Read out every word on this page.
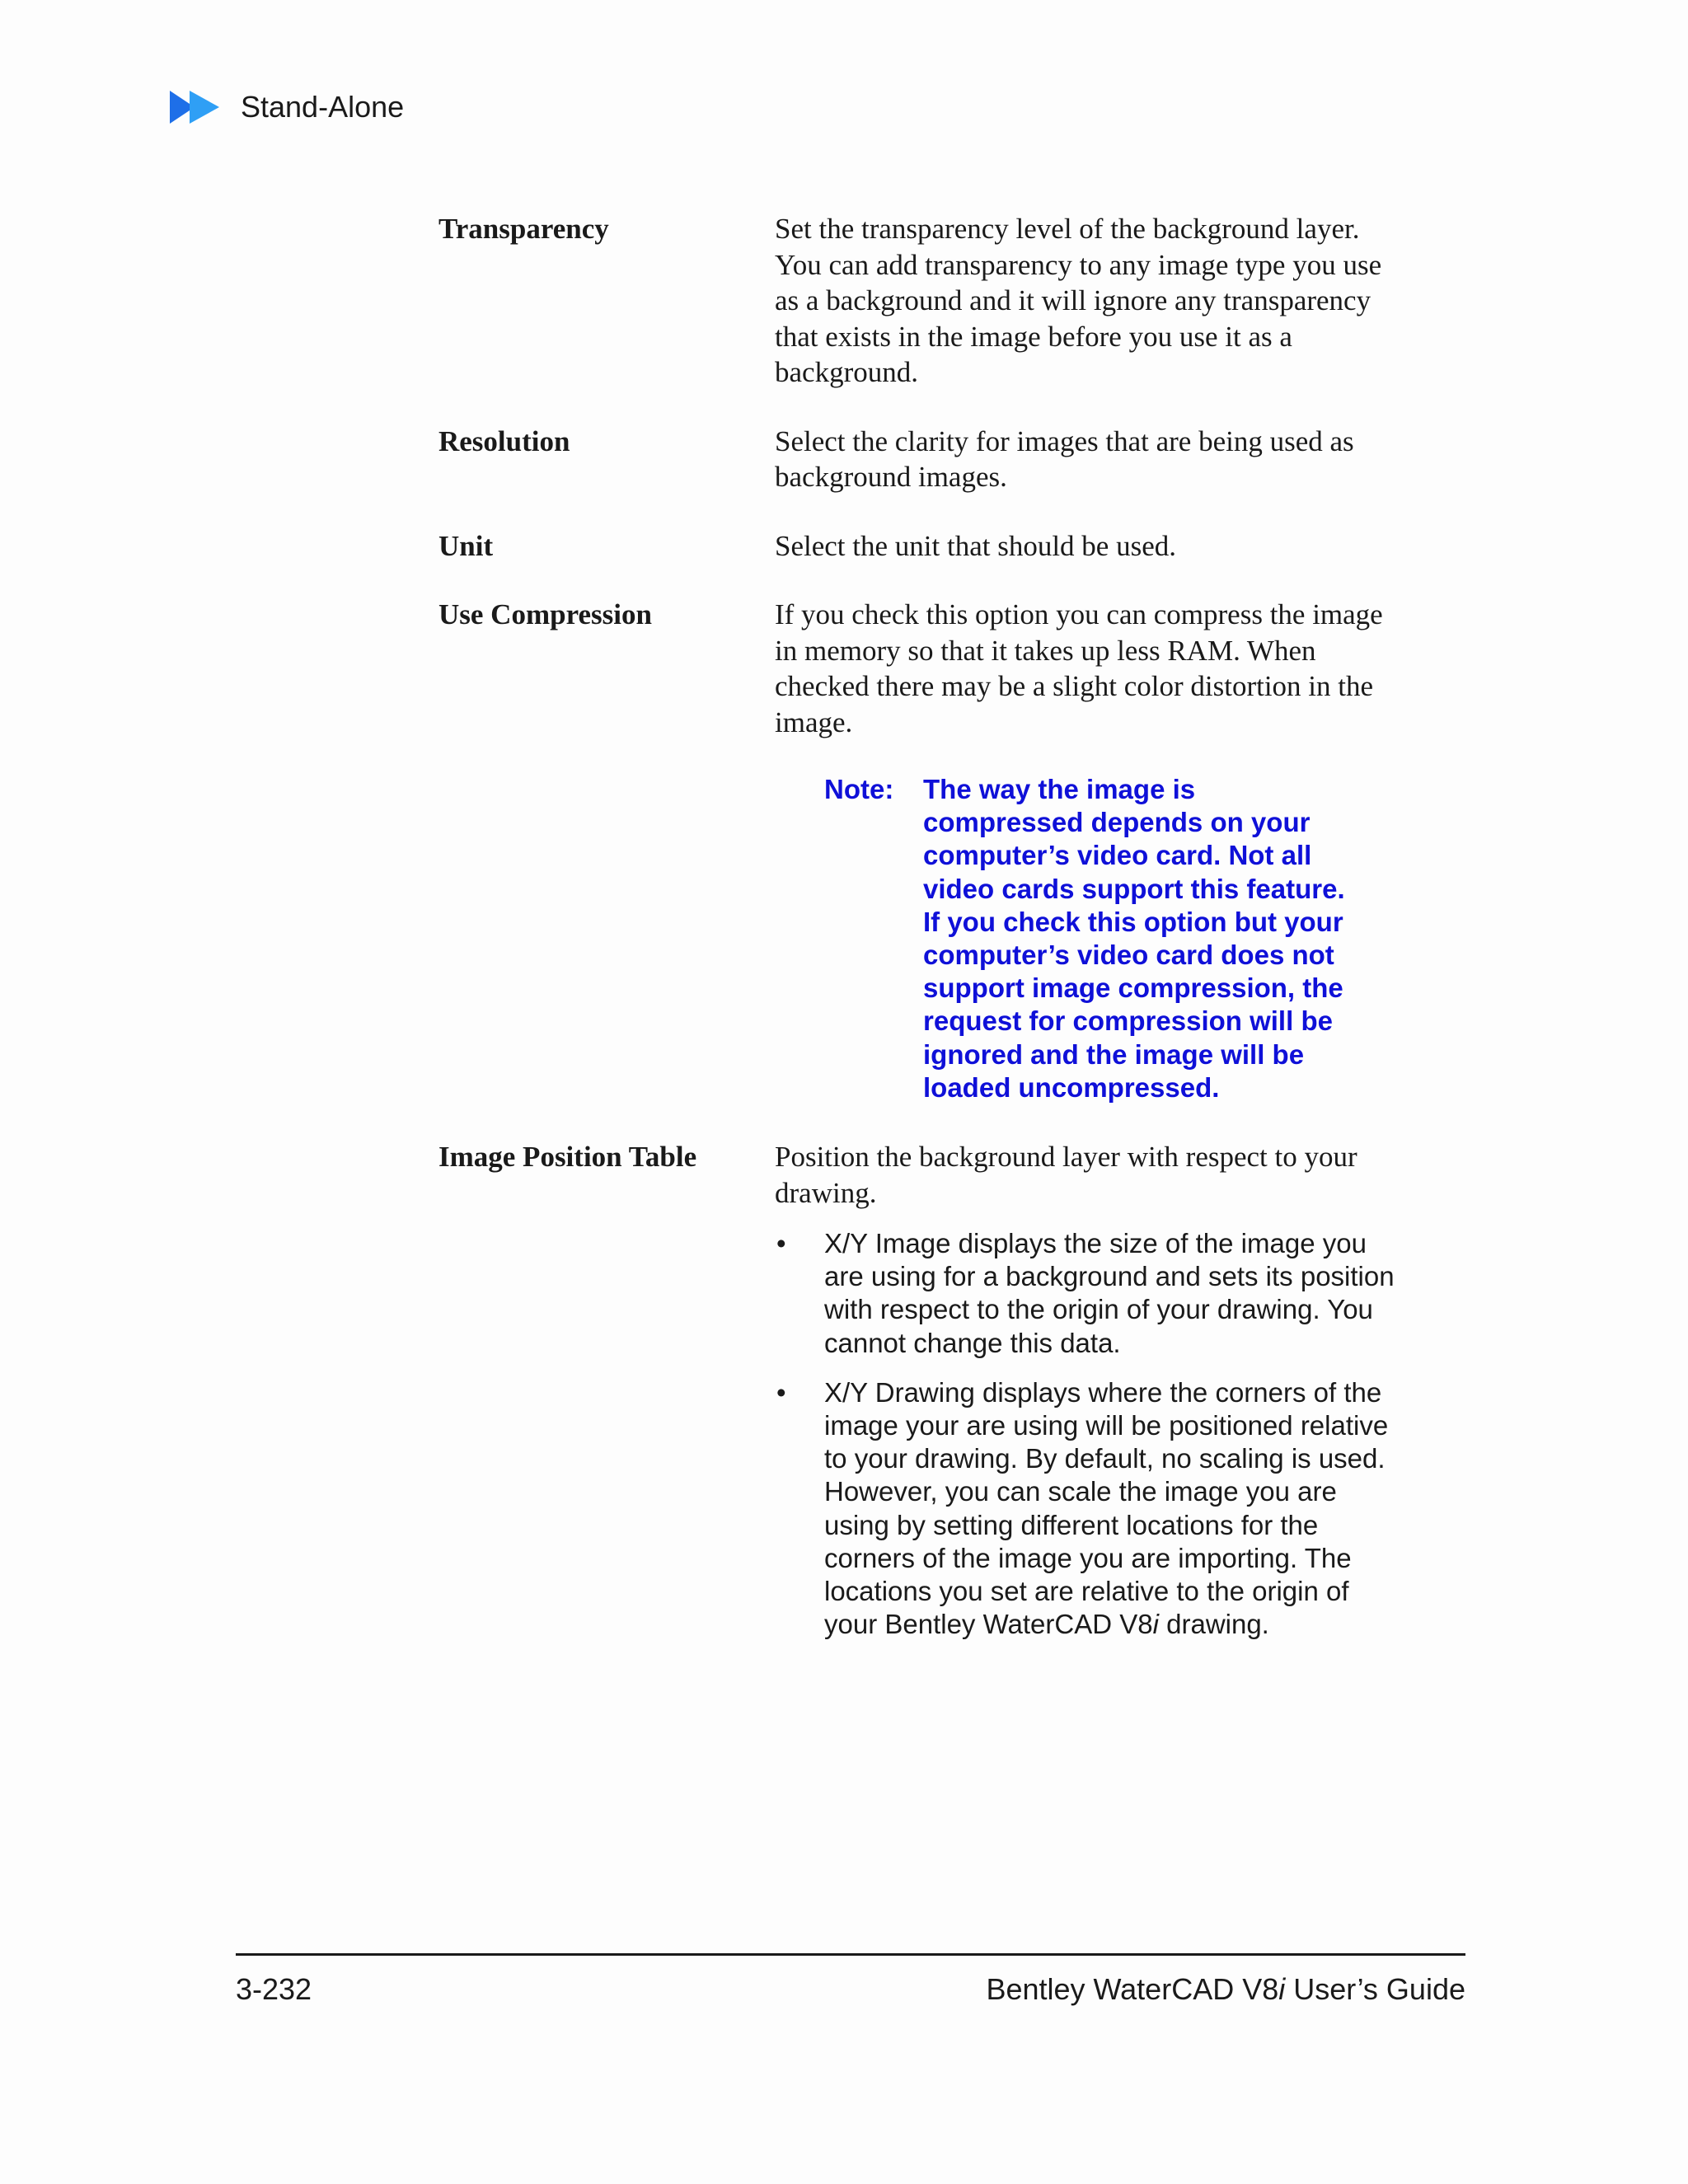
Stand-Alone
Transparency	Set the transparency level of the background layer. You can add transparency to any image type you use as a background and it will ignore any transparency that exists in the image before you use it as a background.
Resolution	Select the clarity for images that are being used as background images.
Unit	Select the unit that should be used.
Use Compression	If you check this option you can compress the image in memory so that it takes up less RAM. When checked there may be a slight color distortion in the image.
Note:	The way the image is compressed depends on your computer’s video card. Not all video cards support this feature. If you check this option but your computer’s video card does not support image compression, the request for compression will be ignored and the image will be loaded uncompressed.
Image Position Table	Position the background layer with respect to your drawing.
•	X/Y Image displays the size of the image you are using for a background and sets its position with respect to the origin of your drawing. You cannot change this data.
•	X/Y Drawing displays where the corners of the image your are using will be positioned relative to your drawing. By default, no scaling is used. However, you can scale the image you are using by setting different locations for the corners of the image you are importing. The locations you set are relative to the origin of your Bentley WaterCAD V8i drawing.
3-232	Bentley WaterCAD V8i User’s Guide
